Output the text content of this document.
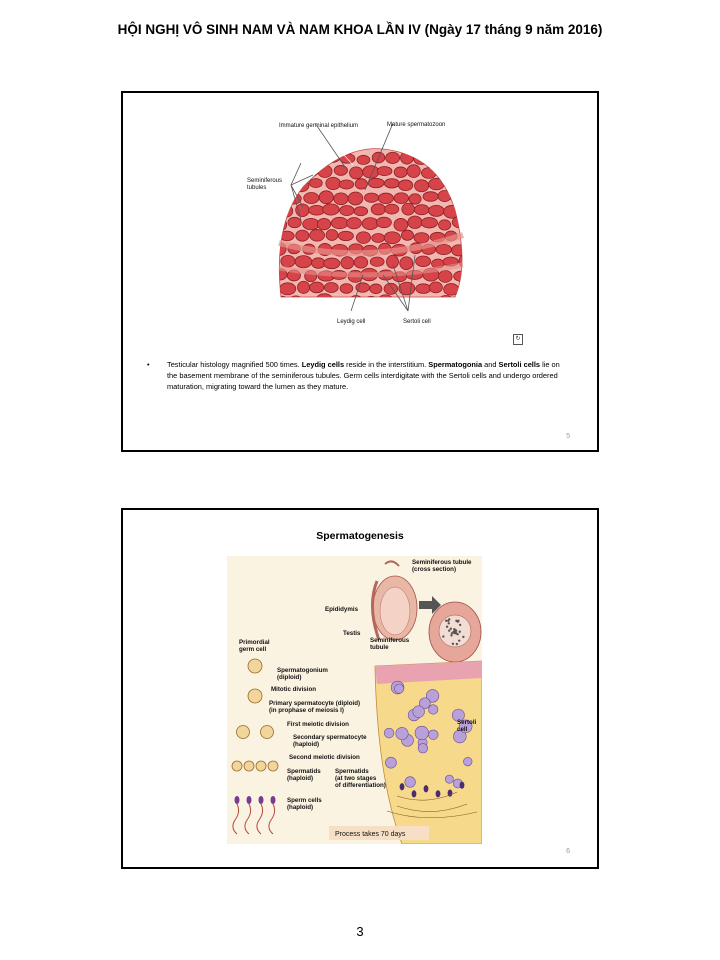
HỘI NGHỊ VÔ SINH NAM VÀ NAM KHOA LẦN IV (Ngày 17 tháng 9 năm 2016)
Immature germinal epithelium	Mature spermatozoon
Seminiferous
tubules
Leydig cell	Sertoli cell
↻
• Testicular histology magnified 500 times. Leydig cells reside in the interstitium. Spermatogonia and Sertoli cells lie on the basement membrane of the seminiferous tubules. Germ cells interdigitate with the Sertoli cells and undergo ordered maturation, migrating toward the lumen as they mature.
5
Spermatogenesis
Seminiferous tubule
(cross section)
Epididymis
Testis
Seminiferous
tubule
Primordial
germ cell
Spermatogonium
(diploid)
Mitotic division
Primary spermatocyte (diploid)
(in prophase of meiosis I)
First meiotic division
Secondary spermatocyte
(haploid)
Second meiotic division
Spermatids
(haploid)
Spermatids
(at two stages
of differentiation)
Sperm cells
(haploid)
Sertoli
cell
Process takes 70 days
6
3
